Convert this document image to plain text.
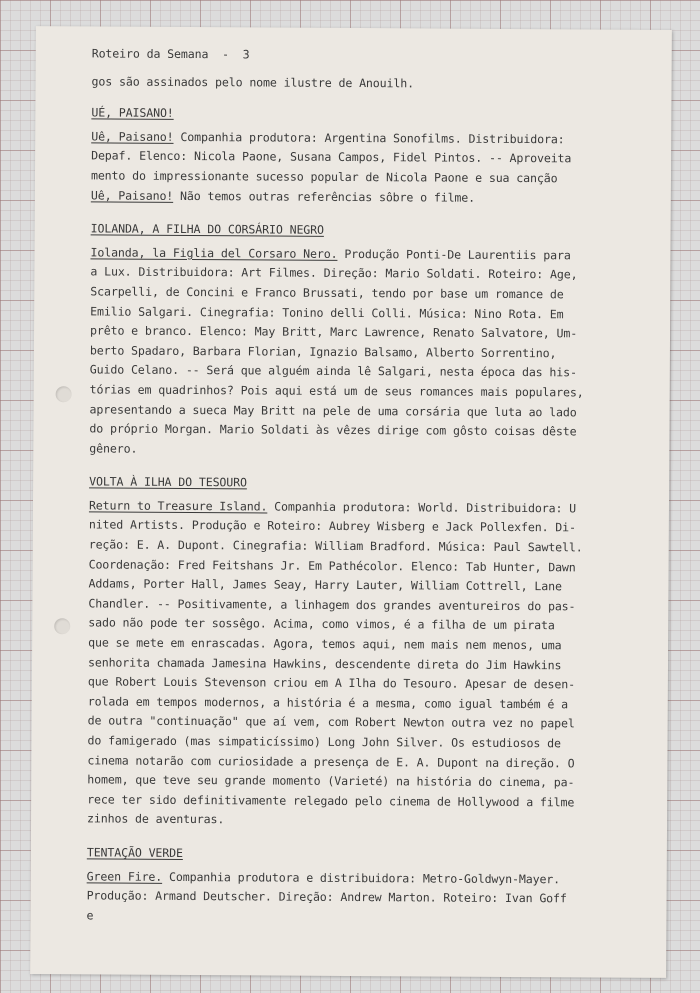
Roteiro da Semana  -  3
gos são assinados pelo nome ilustre de Anouilh.
UÉ, PAISANO!
Uê, Paisano! Companhia produtora: Argentina Sonofilms. Distribuidora:
Depaf. Elenco: Nicola Paone, Susana Campos, Fidel Pintos. -- Aproveita
mento do impressionante sucesso popular de Nicola Paone e sua canção
Uê, Paisano! Não temos outras referências sôbre o filme.
IOLANDA, A FILHA DO CORSÁRIO NEGRO
Iolanda, la Figlia del Corsaro Nero. Produção Ponti-De Laurentiis para
a Lux. Distribuidora: Art Filmes. Direção: Mario Soldati. Roteiro: Age,
Scarpelli, de Concini e Franco Brussati, tendo por base um romance de
Emilio Salgari. Cinegrafia: Tonino delli Colli. Música: Nino Rota. Em
prêto e branco. Elenco: May Britt, Marc Lawrence, Renato Salvatore, Um-
berto Spadaro, Barbara Florian, Ignazio Balsamo, Alberto Sorrentino,
Guido Celano. -- Será que alguém ainda lê Salgari, nesta época das his-
tórias em quadrinhos? Pois aqui está um de seus romances mais populares,
apresentando a sueca May Britt na pele de uma corsária que luta ao lado
do próprio Morgan. Mario Soldati às vêzes dirige com gôsto coisas dêste
gênero.
VOLTA À ILHA DO TESOURO
Return to Treasure Island. Companhia produtora: World. Distribuidora: U
nited Artists. Produção e Roteiro: Aubrey Wisberg e Jack Pollexfen. Di-
reção: E. A. Dupont. Cinegrafia: William Bradford. Música: Paul Sawtell.
Coordenação: Fred Feitshans Jr. Em Pathécolor. Elenco: Tab Hunter, Dawn
Addams, Porter Hall, James Seay, Harry Lauter, William Cottrell, Lane
Chandler. -- Positivamente, a linhagem dos grandes aventureiros do pas-
sado não pode ter sossêgo. Acima, como vimos, é a filha de um pirata
que se mete em enrascadas. Agora, temos aqui, nem mais nem menos, uma
senhorita chamada Jamesina Hawkins, descendente direta do Jim Hawkins
que Robert Louis Stevenson criou em A Ilha do Tesouro. Apesar de desen-
rolada em tempos modernos, a história é a mesma, como igual também é a
de outra "continuação" que aí vem, com Robert Newton outra vez no papel
do famigerado (mas simpaticíssimo) Long John Silver. Os estudiosos de
cinema notarão com curiosidade a presença de E. A. Dupont na direção. O
homem, que teve seu grande momento (Varieté) na história do cinema, pa-
rece ter sido definitivamente relegado pelo cinema de Hollywood a filme
zinhos de aventuras.
TENTAÇÃO VERDE
Green Fire. Companhia produtora e distribuidora: Metro-Goldwyn-Mayer.
Produção: Armand Deutscher. Direção: Andrew Marton. Roteiro: Ivan Goff
e
